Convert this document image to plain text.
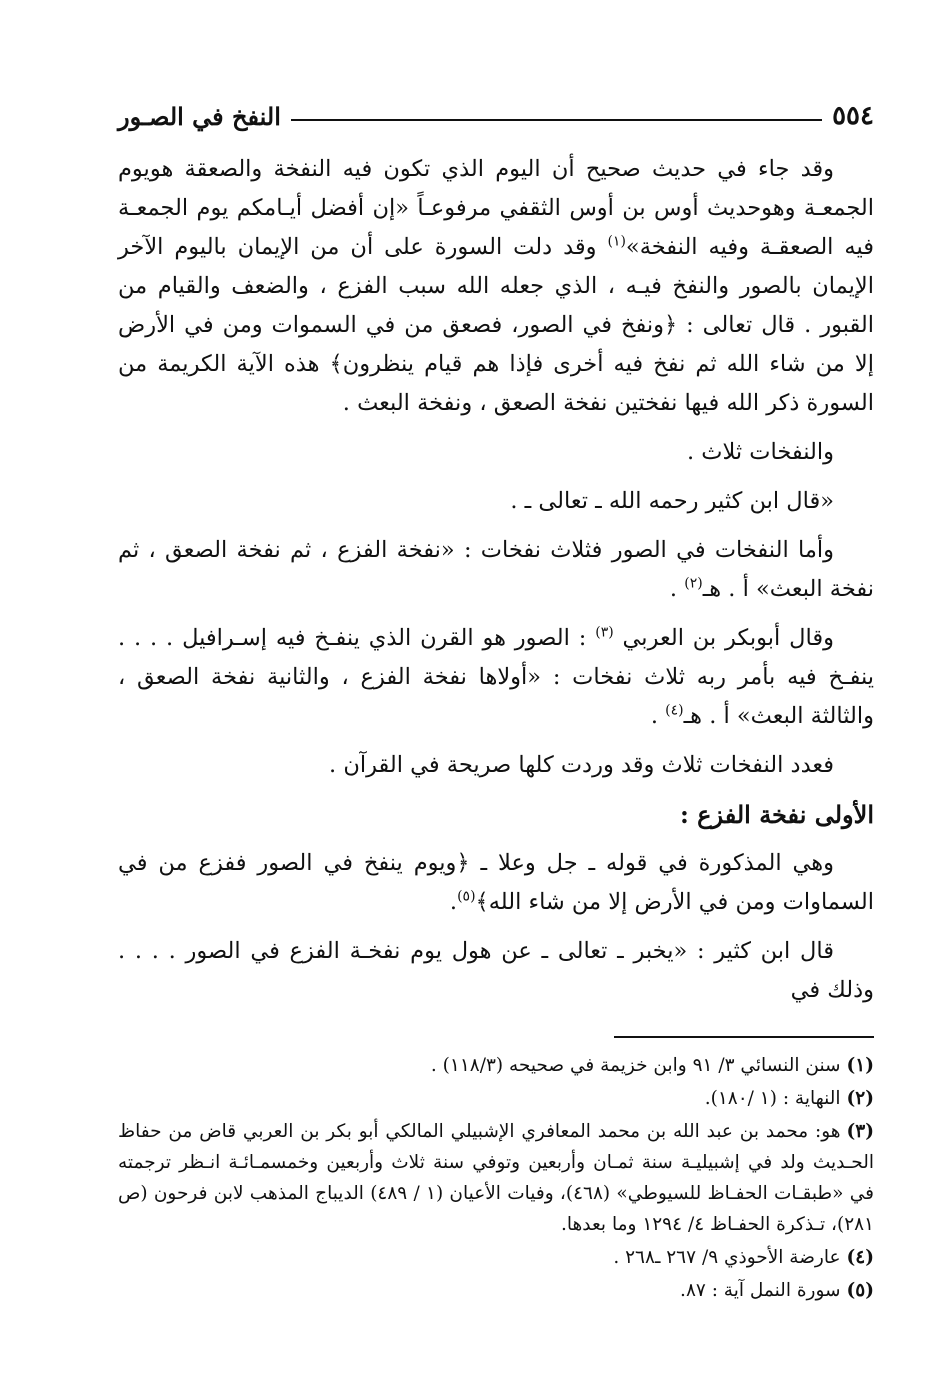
٥٥٤
النفخ في الصـور

وقد جاء في حديث صحيح أن اليوم الذي تكون فيه النفخة والصعقة هويوم الجمعـة وهوحديث أوس بن أوس الثقفي مرفوعـاً «إن أفضل أيـامكم يوم الجمعـة فيه الصعقـة وفيه النفخة»$^{(١)}$ وقد دلت السورة على أن من الإيمان باليوم الآخر الإيمان بالصور والنفخ فيـه ، الذي جعله الله سبب الفزع ، والضعف والقيام من القبور . قال تعالى : ﴿ونفخ في الصور، فصعق من في السموات ومن في الأرض إلا من شاء الله ثم نفخ فيه أخرى فإذا هم قيام ينظرون﴾ هذه الآية الكريمة من السورة ذكر الله فيها نفختين نفخة الصعق ، ونفخة البعث .

والنفخات ثلاث .

«قال ابن كثير رحمه الله ـ تعالى ـ .

وأما النفخات في الصور فثلاث نفخات : «نفخة الفزع ، ثم نفخة الصعق ، ثم نفخة البعث» أ . هـ$^{(٢)}$ .

وقال أبوبكر بن العربي $^{(٣)}$ : الصور هو القرن الذي ينفـخ فيه إسـرافيل . . . . ينفـخ فيه بأمر ربه ثلاث نفخات : «أولاها نفخة الفزع ، والثانية نفخة الصعق ، والثالثة البعث» أ . هـ$^{(٤)}$ .

فعدد النفخات ثلاث وقد وردت كلها صريحة في القرآن .

الأولى نفخة الفزع :

وهي المذكورة في قوله ـ جل وعلا ـ ﴿ويوم ينفخ في الصور ففزع من في السماوات ومن في الأرض إلا من شاء الله﴾$^{(٥)}$.

قال ابن كثير : «يخبر ـ تعالى ـ عن هول يوم نفخـة الفزع في الصور . . . . وذلك في

(١)سنن النسائي ٣/ ٩١ وابن خزيمة في صحيحه (١١٨/٣) .

(٢)النهاية : (١ /١٨٠).

(٣)هو: محمد بن عبد الله بن محمد المعافري الإشبيلي المالكي أبو بكر بن العربي قاض من حفاظ الحـديث ولد في إشبيليـة سنة ثمـان وأربعين وتوفي سنة ثلاث وأربعين وخمسمـائـة انـظر ترجمته في «طبقـات الحفـاظ للسيوطي» (٤٦٨)، وفيات الأعيان (١ / ٤٨٩) الديباج المذهب لابن فرحون (ص ٢٨١)، تـذكرة الحفـاظ ٤/ ١٢٩٤ وما بعدها.

(٤)عارضة الأحوذي ٩/ ٢٦٧ ـ٢٦٨ .

(٥)سورة النمل آية : ٨٧.
